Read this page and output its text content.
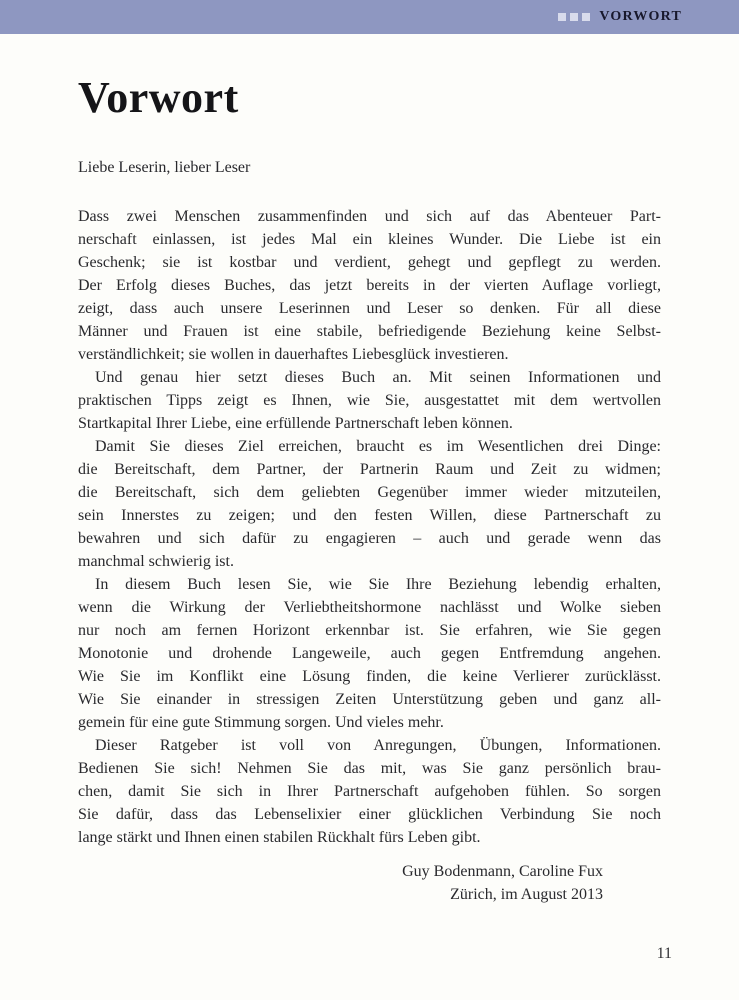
VORWORT
Vorwort
Liebe Leserin, lieber Leser
Dass zwei Menschen zusammenfinden und sich auf das Abenteuer Part-
nerschaft einlassen, ist jedes Mal ein kleines Wunder. Die Liebe ist ein
Geschenk; sie ist kostbar und verdient, gehegt und gepflegt zu werden.
Der Erfolg dieses Buches, das jetzt bereits in der vierten Auflage vorliegt,
zeigt, dass auch unsere Leserinnen und Leser so denken. Für all diese
Männer und Frauen ist eine stabile, befriedigende Beziehung keine Selbst-
verständlichkeit; sie wollen in dauerhaftes Liebesglück investieren.
Und genau hier setzt dieses Buch an. Mit seinen Informationen und
praktischen Tipps zeigt es Ihnen, wie Sie, ausgestattet mit dem wertvollen
Startkapital Ihrer Liebe, eine erfüllende Partnerschaft leben können.
Damit Sie dieses Ziel erreichen, braucht es im Wesentlichen drei Dinge:
die Bereitschaft, dem Partner, der Partnerin Raum und Zeit zu widmen;
die Bereitschaft, sich dem geliebten Gegenüber immer wieder mitzuteilen,
sein Innerstes zu zeigen; und den festen Willen, diese Partnerschaft zu
bewahren und sich dafür zu engagieren – auch und gerade wenn das
manchmal schwierig ist.
In diesem Buch lesen Sie, wie Sie Ihre Beziehung lebendig erhalten,
wenn die Wirkung der Verliebtheitshormone nachlässt und Wolke sieben
nur noch am fernen Horizont erkennbar ist. Sie erfahren, wie Sie gegen
Monotonie und drohende Langeweile, auch gegen Entfremdung angehen.
Wie Sie im Konflikt eine Lösung finden, die keine Verlierer zurücklässt.
Wie Sie einander in stressigen Zeiten Unterstützung geben und ganz all-
gemein für eine gute Stimmung sorgen. Und vieles mehr.
Dieser Ratgeber ist voll von Anregungen, Übungen, Informationen.
Bedienen Sie sich! Nehmen Sie das mit, was Sie ganz persönlich brau-
chen, damit Sie sich in Ihrer Partnerschaft aufgehoben fühlen. So sorgen
Sie dafür, dass das Lebenselixier einer glücklichen Verbindung Sie noch
lange stärkt und Ihnen einen stabilen Rückhalt fürs Leben gibt.
Guy Bodenmann, Caroline Fux
Zürich, im August 2013
11
